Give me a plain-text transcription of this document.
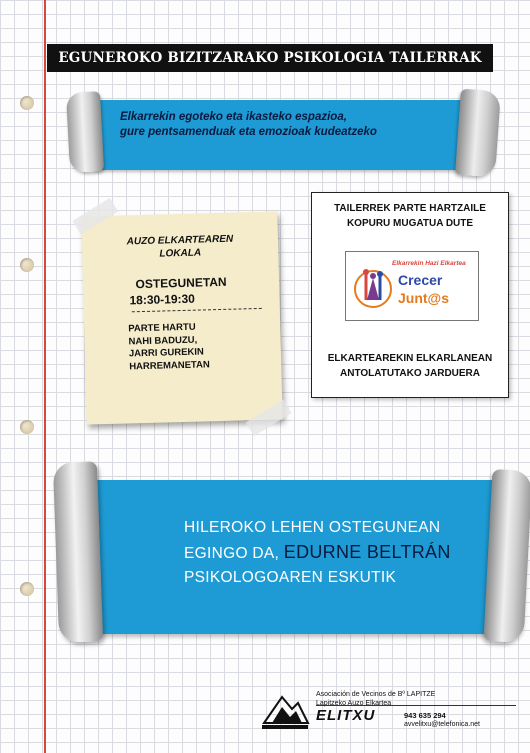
EGUNEROKO BIZITZARAKO PSIKOLOGIA TAILERRAK
Elkarrekin egoteko eta ikasteko espazioa,
gure pentsamenduak eta emozioak kudeatzeko
AUZO ELKARTEAREN
LOKALA
OSTEGUNETAN
18:30-19:30
PARTE HARTU
NAHI BADUZU,
JARRI GUREKIN
HARREMANETAN
TAILERREK PARTE HARTZAILE
KOPURU MUGATUA DUTE
Elkarrekin Hazi Elkartea
Crecer
Junt@s
ELKARTEAREKIN ELKARLANEAN
ANTOLATUTAKO JARDUERA
HILEROKO LEHEN OSTEGUNEAN
EGINGO DA, EDURNE BELTRÁN
PSIKOLOGOAREN ESKUTIK
Asociación de Vecinos de Bº LAPITZE
Lapitzeko Auzo Elkartea
ELITXU	943 635 294
avvelitxu@telefonica.net
